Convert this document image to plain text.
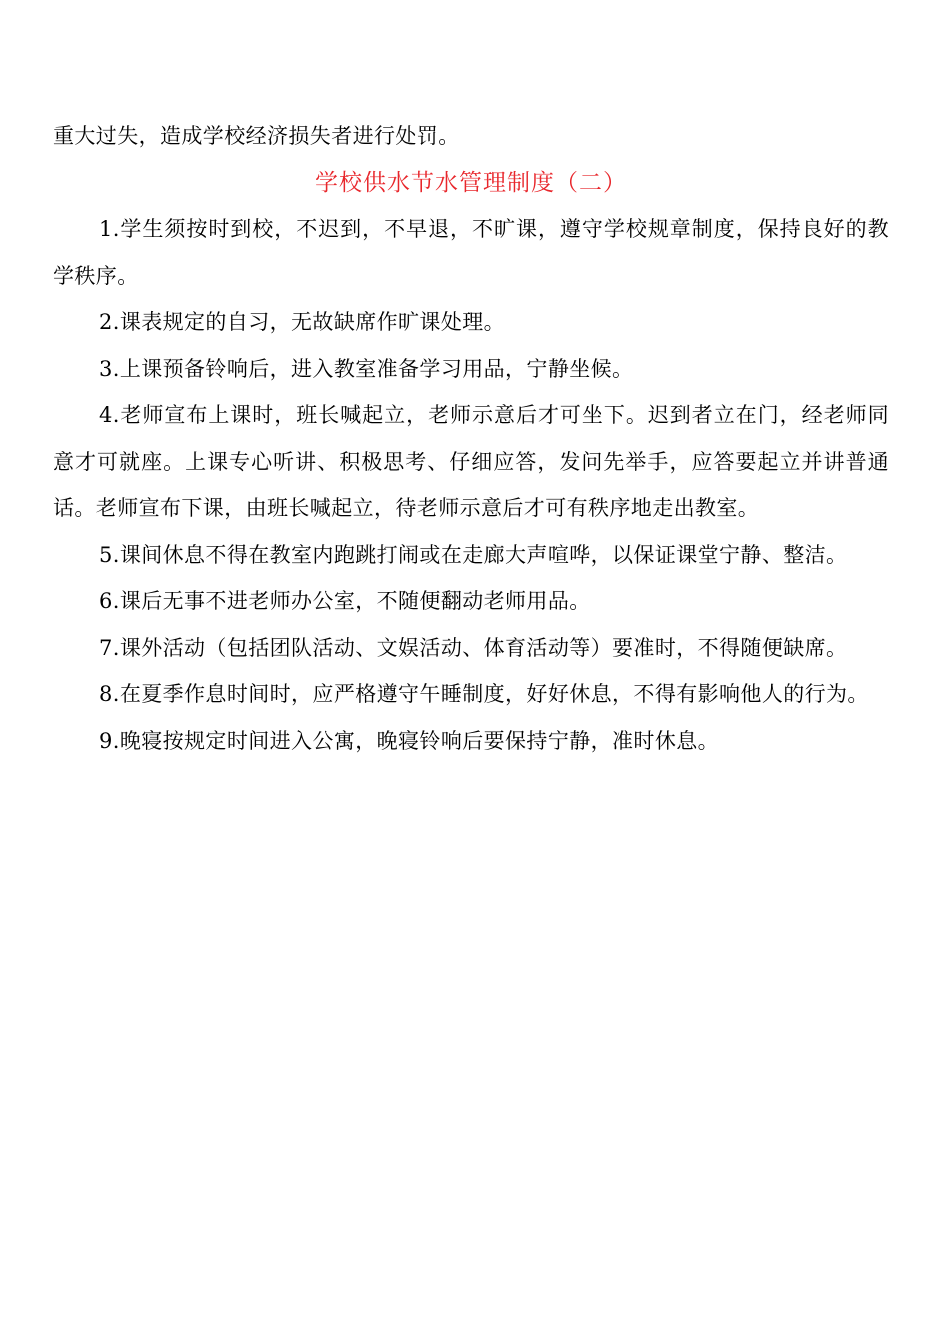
重大过失，造成学校经济损失者进行处罚。

学校供水节水管理制度（二）

1.学生须按时到校，不迟到，不早退，不旷课，遵守学校规章制度，保持良好的教学秩序。

2.课表规定的自习，无故缺席作旷课处理。

3.上课预备铃响后，进入教室准备学习用品，宁静坐候。

4.老师宣布上课时，班长喊起立，老师示意后才可坐下。迟到者立在门，经老师同意才可就座。上课专心听讲、积极思考、仔细应答，发问先举手，应答要起立并讲普通话。老师宣布下课，由班长喊起立，待老师示意后才可有秩序地走出教室。

5.课间休息不得在教室内跑跳打闹或在走廊大声喧哗，以保证课堂宁静、整洁。

6.课后无事不进老师办公室，不随便翻动老师用品。

7.课外活动（包括团队活动、文娱活动、体育活动等）要准时，不得随便缺席。

8.在夏季作息时间时，应严格遵守午睡制度，好好休息，不得有影响他人的行为。

9.晚寝按规定时间进入公寓，晚寝铃响后要保持宁静，准时休息。
